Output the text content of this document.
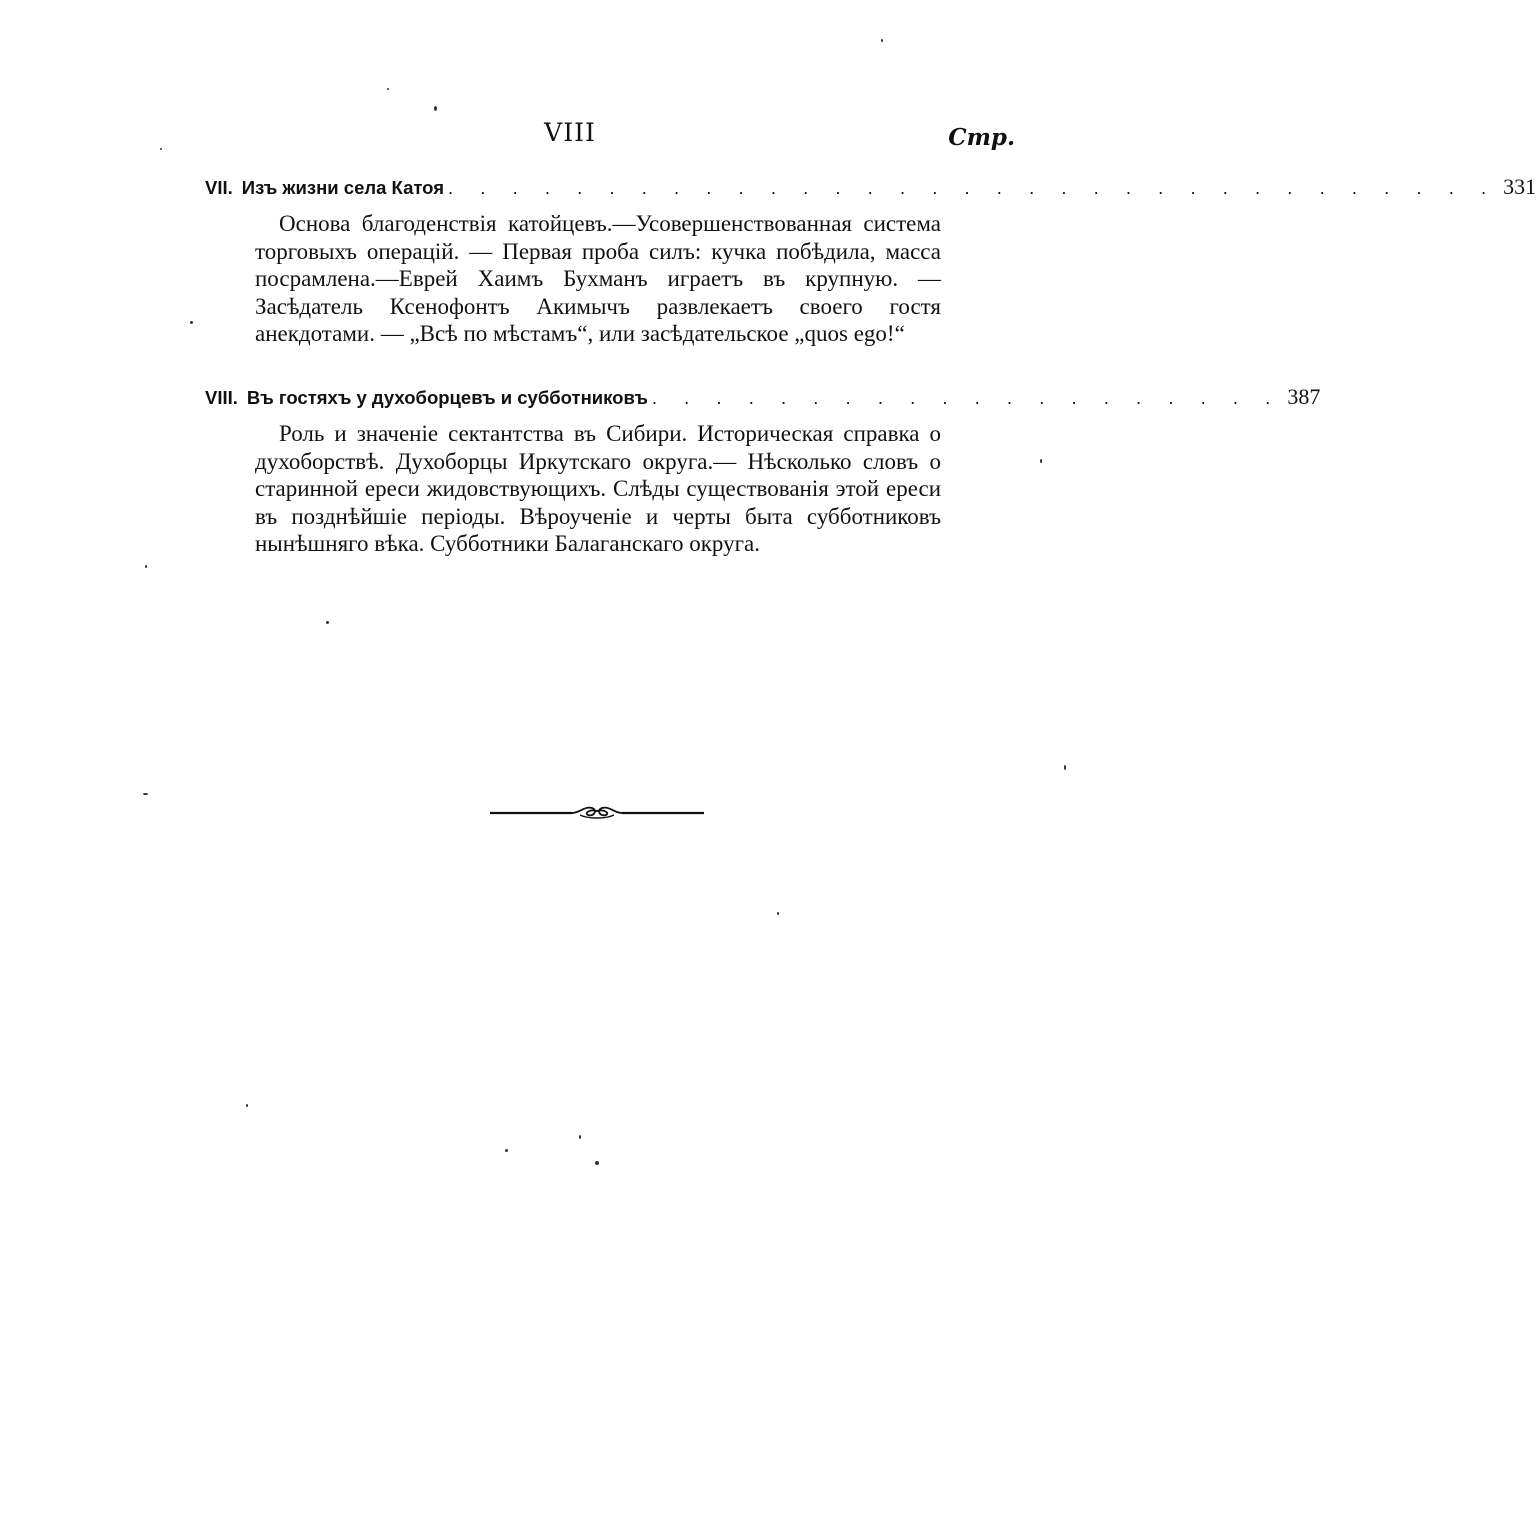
VIII	Стр.
VII. Изъ жизни села Катоя . . . . . . . . . . . . . . . . . . . . . . . . . . . . . . . . . 331
Основа благоденствія катойцевъ.—Усовершенствованная система торговыхъ операцій. — Первая проба силъ: кучка побѣдила, масса посрамлена.—Еврей Хаимъ Бухманъ играетъ въ крупную. — Засѣдатель Ксенофонтъ Акимычъ развлекаетъ своего гостя анекдотами. — „Всѣ по мѣстамъ“, или засѣдательское „quos ego!“
VIII. Въ гостяхъ у духоборцевъ и субботниковъ . . . . . . . . . . . . . . . . . . . . 387
Роль и значеніе сектантства въ Сибири. Историческая справка о духоборствѣ. Духоборцы Иркутскаго округа.— Нѣсколько словъ о старинной ереси жидовствующихъ. Слѣды существованія этой ереси въ позднѣйшіе періоды. Вѣроученіе и черты быта субботниковъ нынѣшняго вѣка. Субботники Балаганскаго округа.
